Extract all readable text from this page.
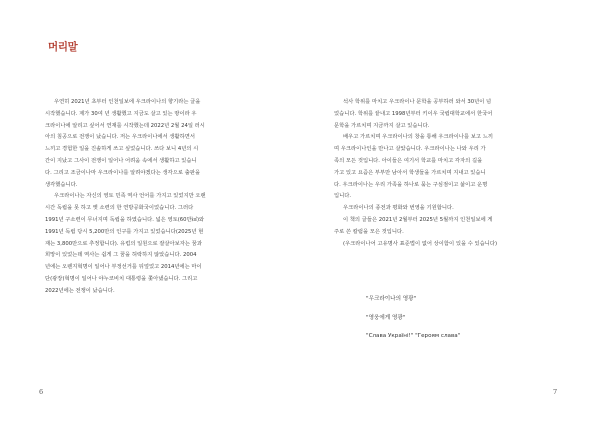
머리말
우연히 2021년 초부터 인천일보에 우크라이나의 향기라는 글을
시작했습니다. 제가 30여 년 생활했고 지금도 살고 있는 땅이라 우
크라이나에 알리고 싶어서 연재를 시작했는데 2022년 2월 24일 러시
아의 침공으로 전쟁이 났습니다. 저는 우크라이나에서 생활하면서
느끼고 경험한 일을 진솔하게 쓰고 싶었습니다. 쓰다 보니 4년의 시
간이 지났고 그사이 전쟁이 일어나 어려움 속에서 생활하고 있습니
다. 그리고 조금이나마 우크라이나를 알려야겠다는 생각으로 출판을
생각했습니다.
우크라이나는 자신의 영토 민족 역사 언어를 가지고 있었지만 오랜
시간 독립을 못 하고 옛 소련의 한 연방공화국이었습니다. 그러다
1991년 구소련이 무너지며 독립을 하였습니다. 넓은 영토(60만㎢)와
1991년 독립 당시 5,200만의 인구를 가지고 있었습니다(2025년 현
재는 3,800만으로 추정합니다). 유럽의 일원으로 잘살아보자는 꿈과
희망이 있었는데 역사는 쉽게 그 꿈을 허락하지 않았습니다. 2004
년에는 오렌지혁명이 일어나 부정선거를 뒤엎었고 2014년에는 마이
단(광장)혁명이 일어나 야누코비치 대통령을 쫓아냈습니다. 그리고
2022년에는 전쟁이 났습니다.
석사 학위를 마치고 우크라이나 문학을 공부하러 와서 30년이 넘
었습니다. 학위를 끝내고 1998년부터 키이우 국립대학교에서 한국어
문학을 가르치며 지금까지 살고 있습니다.
배우고 가르치며 우크라이나의 창을 통해 우크라이나를 보고 느끼
며 우크라이나인을 만나고 살았습니다. 우크라이나는 나와 우리 가
족의 모든 것입니다. 아이들은 여기서 학교를 마치고 각자의 길을
가고 있고 요즘은 부부만 남아서 학생들을 가르치며 지내고 있습니
다. 우크라이나는 우리 가족을 하나로 묶는 구심점이고 삶이고 운명
입니다.
우크라이나의 종전과 평화와 번영을 기원합니다.
이 책의 글들은 2021년 2월부터 2025년 5월까지 인천일보에 게
주로 쓴 칼럼을 모은 것입니다.
(우크라이나어 고유명사 표준법이 없어 상이함이 있을 수 있습니다)
"우크라이나의 영광"
"영웅에게 영광"
"Слава Україні!" "Героям слава"
6	7
